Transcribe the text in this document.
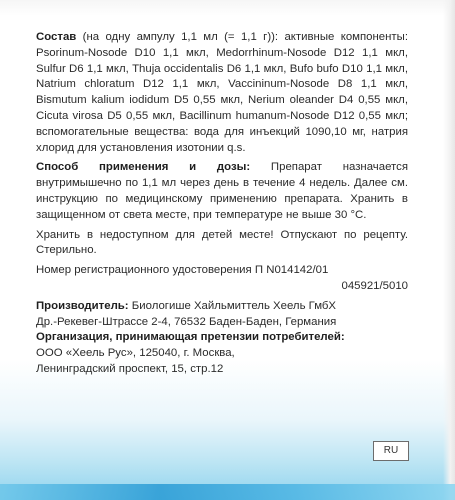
Состав (на одну ампулу 1,1 мл (= 1,1 г)): активные компоненты: Psorinum-Nosode D10 1,1 мкл, Medorrhinum-Nosode D12 1,1 мкл, Sulfur D6 1,1 мкл, Thuja occidentalis D6 1,1 мкл, Bufo bufo D10 1,1 мкл, Natrium chloratum D12 1,1 мкл, Vaccininum-Nosode D8 1,1 мкл, Bismutum kalium iodidum D5 0,55 мкл, Nerium oleander D4 0,55 мкл, Cicuta virosa D5 0,55 мкл, Bacillinum humanum-Nosode D12 0,55 мкл; вспомогательные вещества: вода для инъекций 1090,10 мг, натрия хлорид для установления изотонии q.s.

Способ применения и дозы: Препарат назначается внутримышечно по 1,1 мл через день в течение 4 недель. Далее см. инструкцию по медицинскому применению препарата. Хранить в защищенном от света месте, при температуре не выше 30 °С.

Хранить в недоступном для детей месте! Отпускают по рецепту. Стерильно.

Номер регистрационного удостоверения П N014142/01

045921/5010

Производитель: Биологише Хайльмиттель Хеель ГмбХ

Др.-Рекевег-Штрассе 2-4, 76532 Баден-Баден, Германия

Организация, принимающая претензии потребителей:

ООО «Хеель Рус», 125040, г. Москва,

Ленинградский проспект, 15, стр.12

RU
